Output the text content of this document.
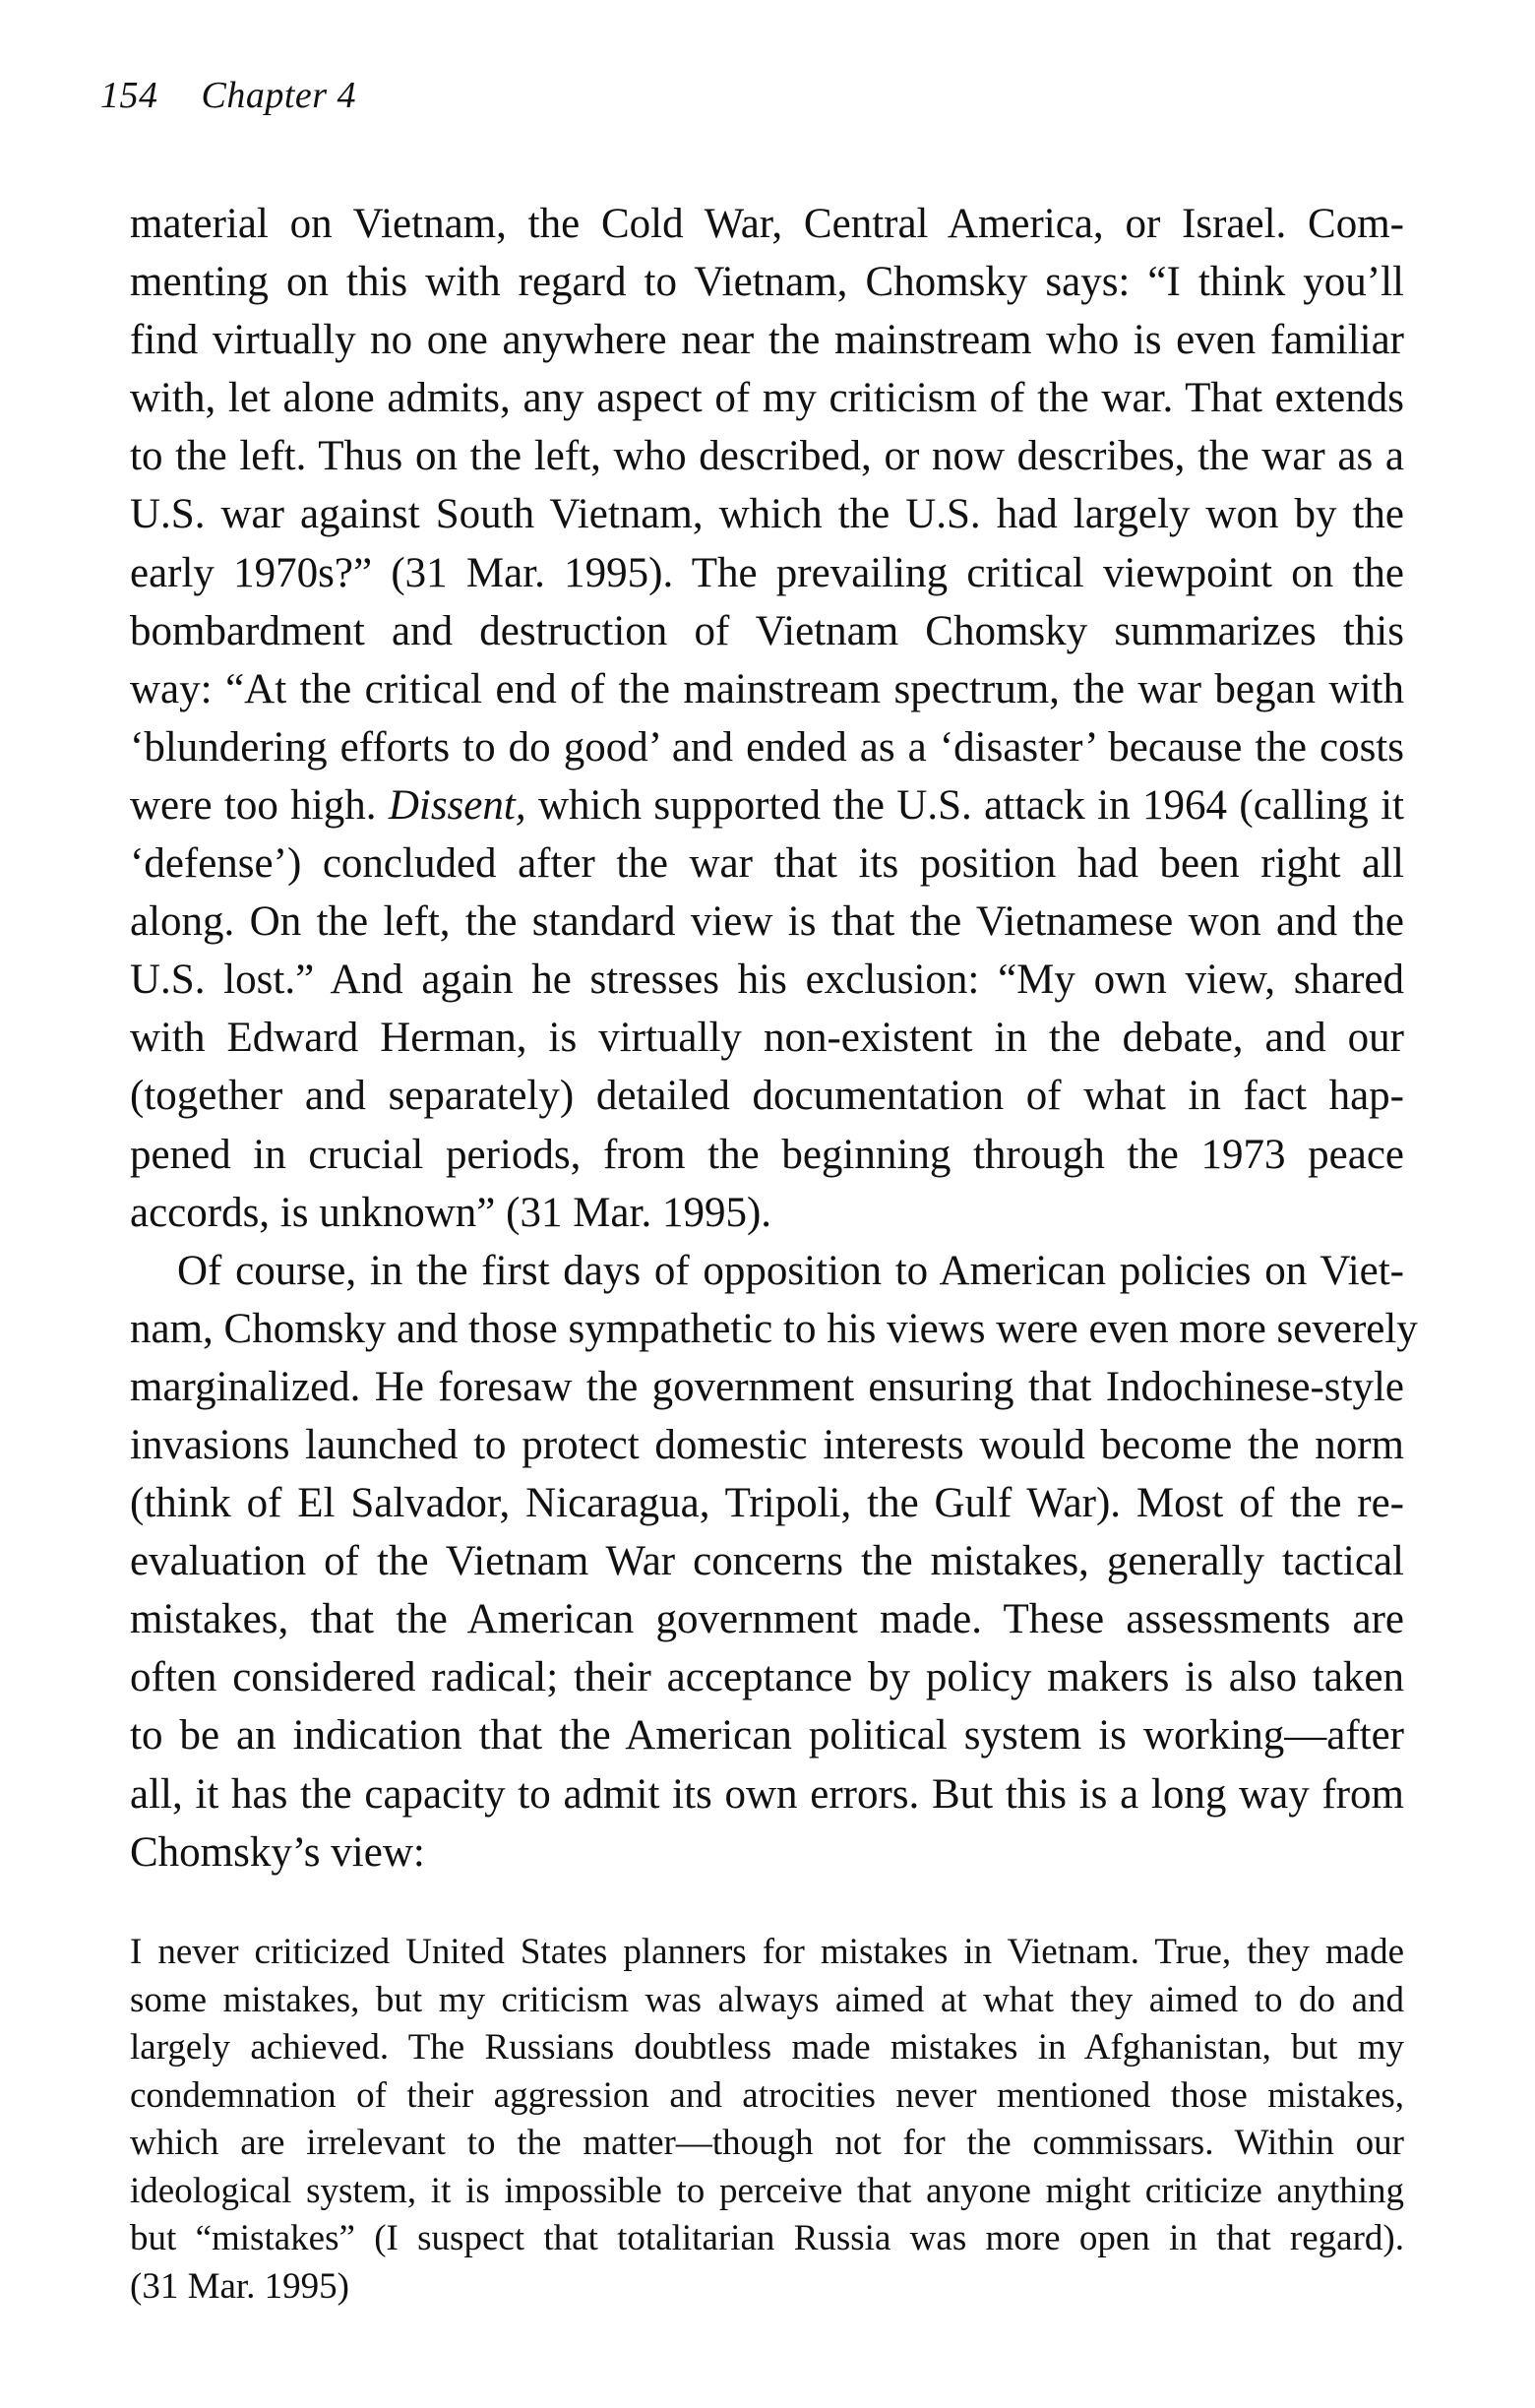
154 Chapter 4

material on Vietnam, the Cold War, Central America, or Israel. Com-
menting on this with regard to Vietnam, Chomsky says: “I think you’ll
find virtually no one anywhere near the mainstream who is even familiar
with, let alone admits, any aspect of my criticism of the war. That extends
to the left. Thus on the left, who described, or now describes, the war as a
U.S. war against South Vietnam, which the U.S. had largely won by the
early 1970s?” (31 Mar. 1995). The prevailing critical viewpoint on the
bombardment and destruction of Vietnam Chomsky summarizes this
way: “At the critical end of the mainstream spectrum, the war began with
‘blundering efforts to do good’ and ended as a ‘disaster’ because the costs
were too high. Dissent, which supported the U.S. attack in 1964 (calling it
‘defense’) concluded after the war that its position had been right all
along. On the left, the standard view is that the Vietnamese won and the
U.S. lost.” And again he stresses his exclusion: “My own view, shared
with Edward Herman, is virtually non-existent in the debate, and our
(together and separately) detailed documentation of what in fact hap-
pened in crucial periods, from the beginning through the 1973 peace
accords, is unknown” (31 Mar. 1995).

Of course, in the first days of opposition to American policies on Viet-
nam, Chomsky and those sympathetic to his views were even more severely
marginalized. He foresaw the government ensuring that Indochinese-style
invasions launched to protect domestic interests would become the norm
(think of El Salvador, Nicaragua, Tripoli, the Gulf War). Most of the re-
evaluation of the Vietnam War concerns the mistakes, generally tactical
mistakes, that the American government made. These assessments are
often considered radical; their acceptance by policy makers is also taken
to be an indication that the American political system is working—after
all, it has the capacity to admit its own errors. But this is a long way from
Chomsky’s view:

I never criticized United States planners for mistakes in Vietnam. True, they made
some mistakes, but my criticism was always aimed at what they aimed to do and
largely achieved. The Russians doubtless made mistakes in Afghanistan, but my
condemnation of their aggression and atrocities never mentioned those mistakes,
which are irrelevant to the matter—though not for the commissars. Within our
ideological system, it is impossible to perceive that anyone might criticize anything
but “mistakes” (I suspect that totalitarian Russia was more open in that regard).
(31 Mar. 1995)
